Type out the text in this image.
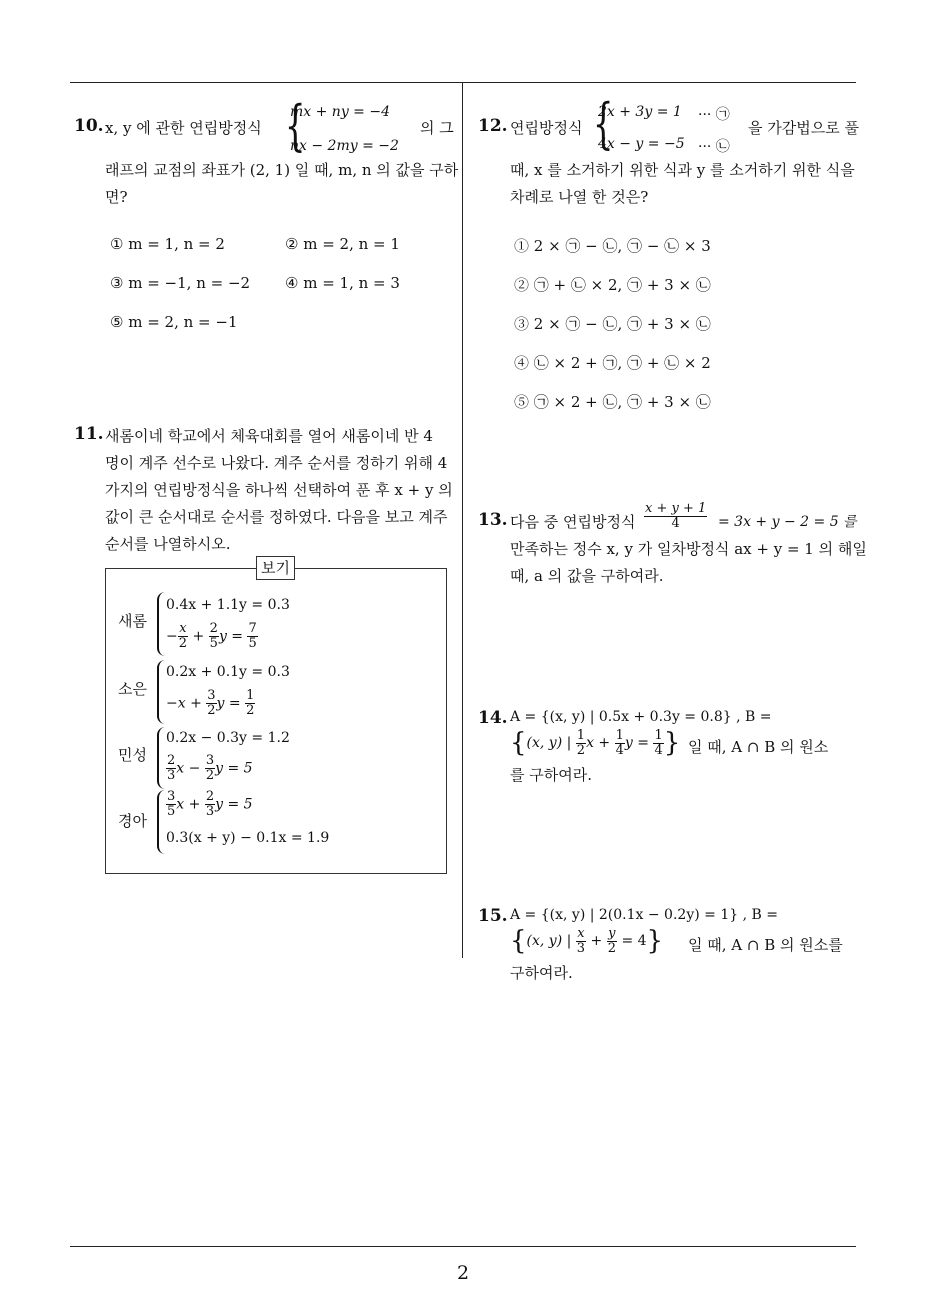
2
10. x, y 에 관한 연립방정식 {
mx + ny = −4
nx − 2my = −2
의 그
래프의 교점의 좌표가 (2, 1) 일 때, m, n 의 값을 구하
면?
① m = 1, n = 2	② m = 2, n = 1
③ m = −1, n = −2 ④ m = 1, n = 3
⑤ m = 2, n = −1
11. 새롬이네 학교에서 체육대회를 열어 새롬이네 반 4
명이 계주 선수로 나왔다. 계주 순서를 정하기 위해 4
가지의 연립방정식을 하나씩 선택하여 푼 후 x + y 의
값이 큰 순서대로 순서를 정하였다. 다음을 보고 계주
순서를 나열하시오.
보기
새롬
0.4x + 1.1y = 0.3
− $\frac{x}{2} + \frac{2}{5}$ $y = \frac{7}{5}$
소은
0.2x + 0.1y = 0.3
$-x + \frac{3}{2}$ $y = \frac{1}{2}$
민성
0.2x − 0.3y = 1.2
$\frac{2}{3}$ $x - \frac{3}{2}$ y = 5
경아
$\frac{3}{5}$ $x + \frac{2}{3}$ y = 5
0.3(x + y) − 0.1x = 1.9
12. 연립방정식 {
2x + 3y = 1 ··· ㉠
4x − y = −5 ··· ㉡
을 가감법으로 풀
때, x 를 소거하기 위한 식과 y 를 소거하기 위한 식을
차례로 나열 한 것은?
① 2 × ㉠ − ㉡, ㉠ − ㉡ × 3
② ㉠ + ㉡ × 2, ㉠ + 3 × ㉡
③ 2 × ㉠ − ㉡, ㉠ + 3 × ㉡
④ ㉡ × 2 + ㉠, ㉠ + ㉡ × 2
⑤ ㉠ × 2 + ㉡, ㉠ + 3 × ㉡
13. 다음 중 연립방정식 $\frac{x + y + 1}{4} = 3x + y - 2 = 5$ 를
만족하는 정수 x, y 가 일차방정식 ax + y = 1 의 해일
때, a 의 값을 구하여라.
14. A = {(x, y) | 0.5x + 0.3y = 0.8} , B =
{(x, y) | $\frac{1}{2}$ $x + \frac{1}{4}$ $y = \frac{1}{4}$ } 일 때, A ∩ B 의 원소
를 구하여라.
15. A = {(x, y) | 2(0.1x − 0.2y) = 1} , B =
{(x, y) | $\frac{x}{3} + \frac{y}{2} = 4$} 일 때, A ∩ B 의 원소를
구하여라.
